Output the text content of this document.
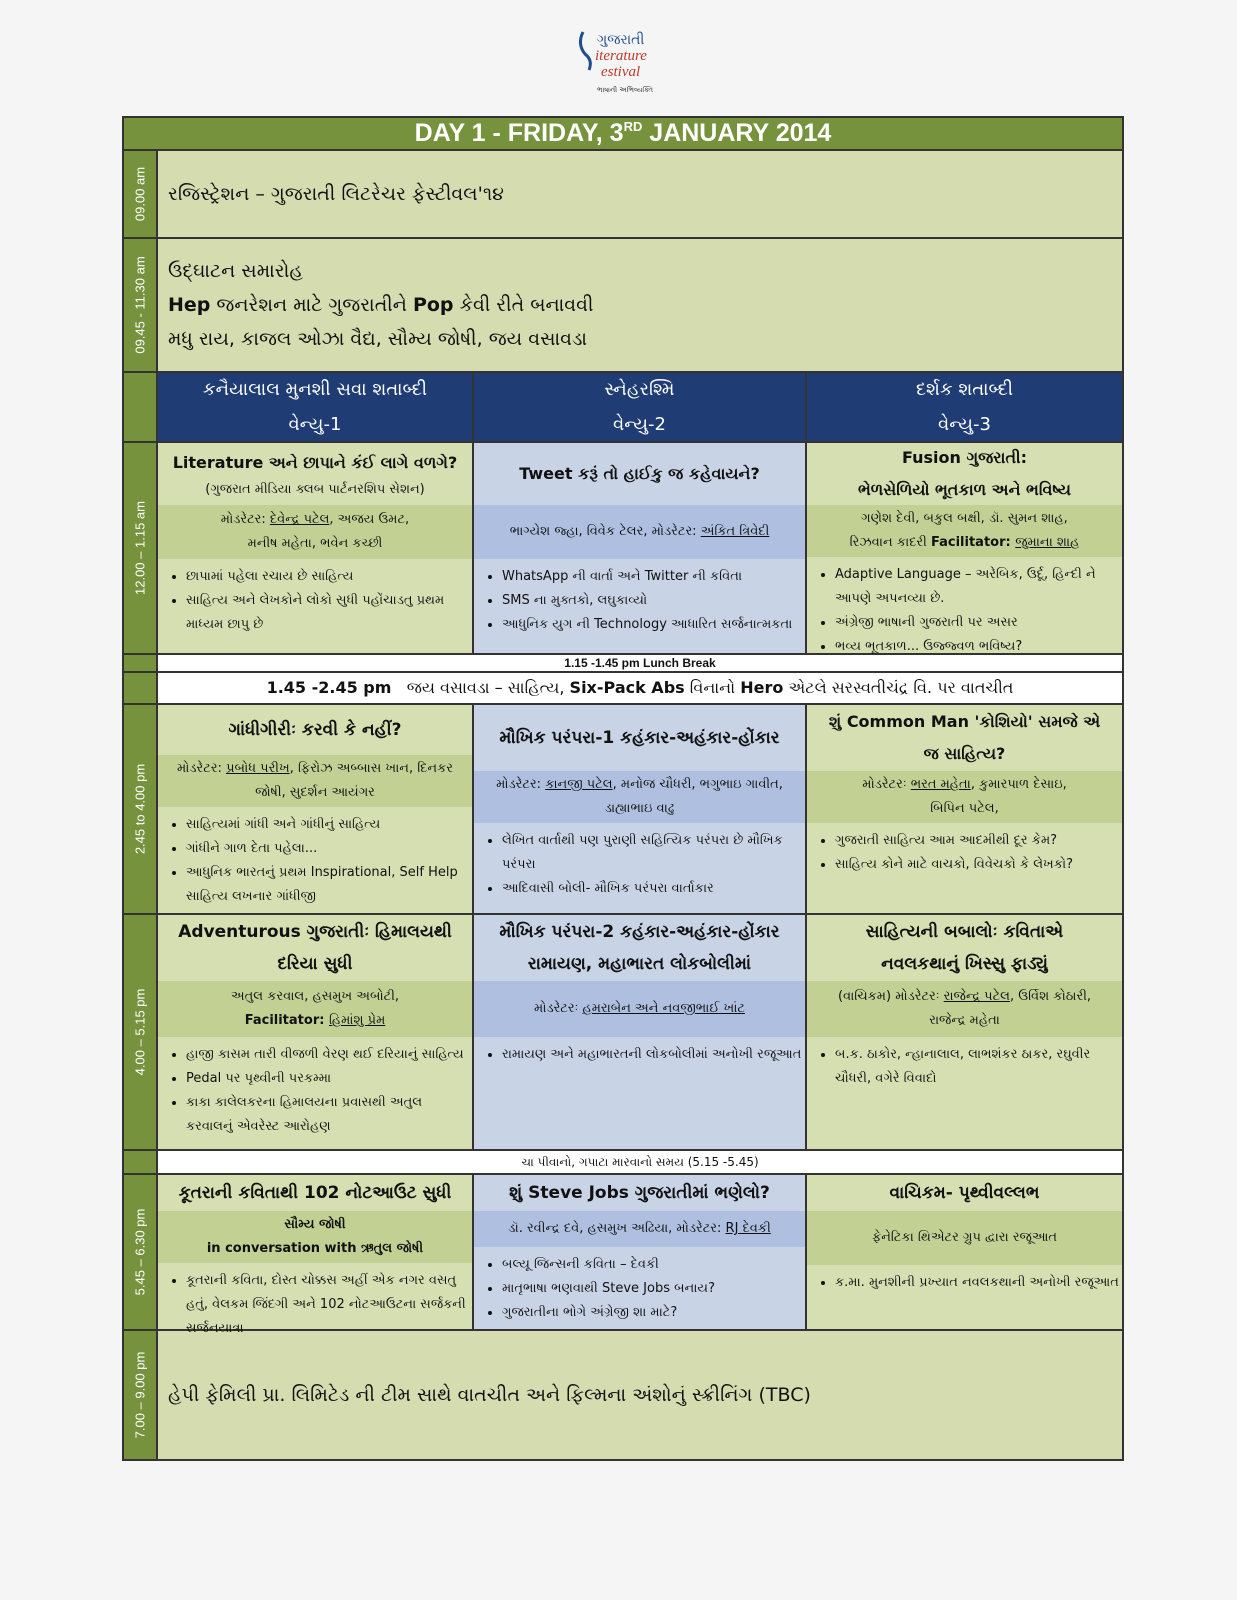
ગુજરાતી
iterature
estival
ભાષાની અભિવ્યક્તિ
DAY 1 - FRIDAY, 3RD JANUARY 2014
09.00 am રજિસ્ટ્રેશન – ગુજરાતી લિટરેચર ફેસ્ટીવલ'૧૪
09.45 - 11.30 am ઉદ્‌ઘાટન સમારોહ
Hep જનરેશન માટે ગુજરાતીને Pop કેવી રીતે બનાવવી
મધુ રાય, કાજલ ઓઝા વૈદ્ય, સૌમ્ય જોષી, જય વસાવડા
કનૈયાલાલ મુનશી સવા શતાબ્દી
વેન્યુ-1
સ્નેહરશ્મિ
વેન્યુ-2
દર્શક શતાબ્દી
વેન્યુ-3
12.00 – 1.15 am
Literature અને છાપાને કંઈ લાગે વળગે?
(ગુજરાત મીડિયા ક્લબ પાર્ટનરશિપ સેશન)
મોડરેટર: દેવેન્દ્ર પટેલ, અજય ઉમટ,
મનીષ મહેતા, ભવેન કચ્છી
• છાપામાં પહેલા રચાય છે સાહિત્ય
• સાહિત્ય અને લેખકોને લોકો સુધી પહોંચાડતુ પ્રથમ માધ્યમ છાપુ છે
Tweet કરૂં તો હાઈકુ જ કહેવાયને?
ભાગ્યેશ જ્હા, વિવેક ટેલર, મોડરેટર: અંકિત ત્રિવેદી
• WhatsApp ની વાર્તા અને Twitter ની કવિતા
• SMS ના મુક્તકો, લઘુકાવ્યો
• આધુનિક યુગ ની Technology આધારિત સર્જનાત્મકતા
Fusion ગુજરાતી:
ભેળસેળિયો ભૂતકાળ અને ભવિષ્ય
ગણેશ દેવી, બકુલ બક્ષી, ડૉ. સુમન શાહ,
રિઝવાન કાદરી Facilitator: જુમાના શાહ
• Adaptive Language – અરેબિક, ઉર્દૂ, હિન્દી ને આપણે અપનવ્યા છે.
• અંગ્રેજી ભાષાની ગુજરાતી પર અસર
• ભવ્ય ભૂતકાળ... ઉજ્જ્વળ ભવિષ્ય?
1.15 -1.45 pm Lunch Break
1.45 -2.45 pm જય વસાવડા – સાહિત્ય, Six-Pack Abs વિનાનો Hero એટલે સરસ્વતીચંદ્ર વિ. પર વાતચીત
2.45 to 4.00 pm
ગાંધીગીરીઃ કરવી કે નહીં?
મોડરેટર: પ્રબોધ પરીખ, ફિરોઝ અબ્બાસ ખાન, દિનકર
જોષી, સુદર્શન આયંગર
• સાહિત્યમાં ગાંધી અને ગાંધીનું સાહિત્ય
• ગાંધીને ગાળ દેતા પહેલા...
• આધુનિક ભારતનું પ્રથમ Inspirational, Self Help સાહિત્ય લખનાર ગાંધીજી
મૌખિક પરંપરા-1 કહંકાર-અહંકાર-હોંકાર
મોડરેટર: કાનજી પટેલ, મનોજ ચૌધરી, ભગુભાઇ ગાવીત,
ડાહ્યાભાઇ વાઢુ
• લેખિત વાર્તાથી પણ પુરાણી સહિત્યિક પરંપરા છે મૌખિક પરંપરા
• આદિવાસી બોલી- મૌખિક પરંપરા વાર્તાકાર
શું Common Man 'કોશિયો' સમજે એ
જ સાહિત્ય?
મોડરેટરઃ ભરત મહેતા, કુમારપાળ દેસાઇ,
બિપિન પટેલ,
• ગુજરાતી સાહિત્ય આમ આદમીથી દૂર કેમ?
• સાહિત્ય કોને માટે વાચકો, વિવેચકો કે લેખકો?
4.00 – 5.15 pm
Adventurous ગુજરાતીઃ હિમાલયથી
દરિયા સુધી
અતુલ કરવાલ, હસમુખ અબોટી,
Facilitator: હિમાંશુ પ્રેમ
• હાજી કાસમ તારી વીજળી વેરણ થઈ દરિયાનું સાહિત્ય
• Pedal પર પૃથ્વીની પરકમ્મા
• કાકા કાલેલકરના હિમાલયના પ્રવાસથી અતુલ કરવાલનું એવરેસ્ટ આરોહણ
મૌખિક પરંપરા-2 કહંકાર-અહંકાર-હોંકાર
રામાયણ, મહાભારત લોકબોલીમાં
મોડરેટરઃ હમરાબેન અને નવજીભાઈ ખાંટ
• રામાયણ અને મહાભારતની લોકબોલીમાં અનોખી રજૂઆત
સાહિત્યની બબાલોઃ કવિતાએ
નવલકથાનું ખિસ્સુ ફાડ્યું
(વાચિકમ) મોડરેટરઃ રાજેન્દ્ર પટેલ, ઉર્વિશ કોઠારી,
રાજેન્દ્ર મહેતા
• બ.ક. ઠાકોર, ન્હાનાલાલ, લાભશંકર ઠાકર, રઘુવીર ચૌધરી, વગેરે વિવાદો
ચા પીવાનો, ગપાટા મારવાનો સમય (5.15 -5.45)
5.45 – 6.30 pm
કૂતરાની કવિતાથી 102 નોટઆઉટ સુધી
સૌમ્ય જોષી
in conversation with ઋતુલ જોષી
• કૂતરાની કવિતા, દોસ્ત ચોક્કસ અહીં એક નગર વસતુ હતું, વેલકમ જિંદગી અને 102 નોટઆઉટના સર્જકની સર્જનયાત્રા
શું Steve Jobs ગુજરાતીમાં ભણેલો?
ડૉ. રવીન્દ્ર દવે, હસમુખ અઢિયા, મોડરેટર: RJ દેવકી
• બલ્યૂ જિન્સની કવિતા – દેવકી
• માતૃભાષા ભણવાથી Steve Jobs બનાય?
• ગુજરાતીના ભોગે અંગ્રેજી શા માટે?
વાચિકમ- પૃથ્વીવલ્લભ
ફેનેટિકા થિએટર ગ્રુપ દ્વારા રજૂઆત
• ક.મા. મુનશીની પ્રખ્યાત નવલકથાની અનોખી રજૂઆત
7.00 – 9.00 pm હેપી ફેમિલી પ્રા. લિમિટેડ ની ટીમ સાથે વાતચીત અને ફિલ્મના અંશોનું સ્ક્રીનિંગ (TBC)
